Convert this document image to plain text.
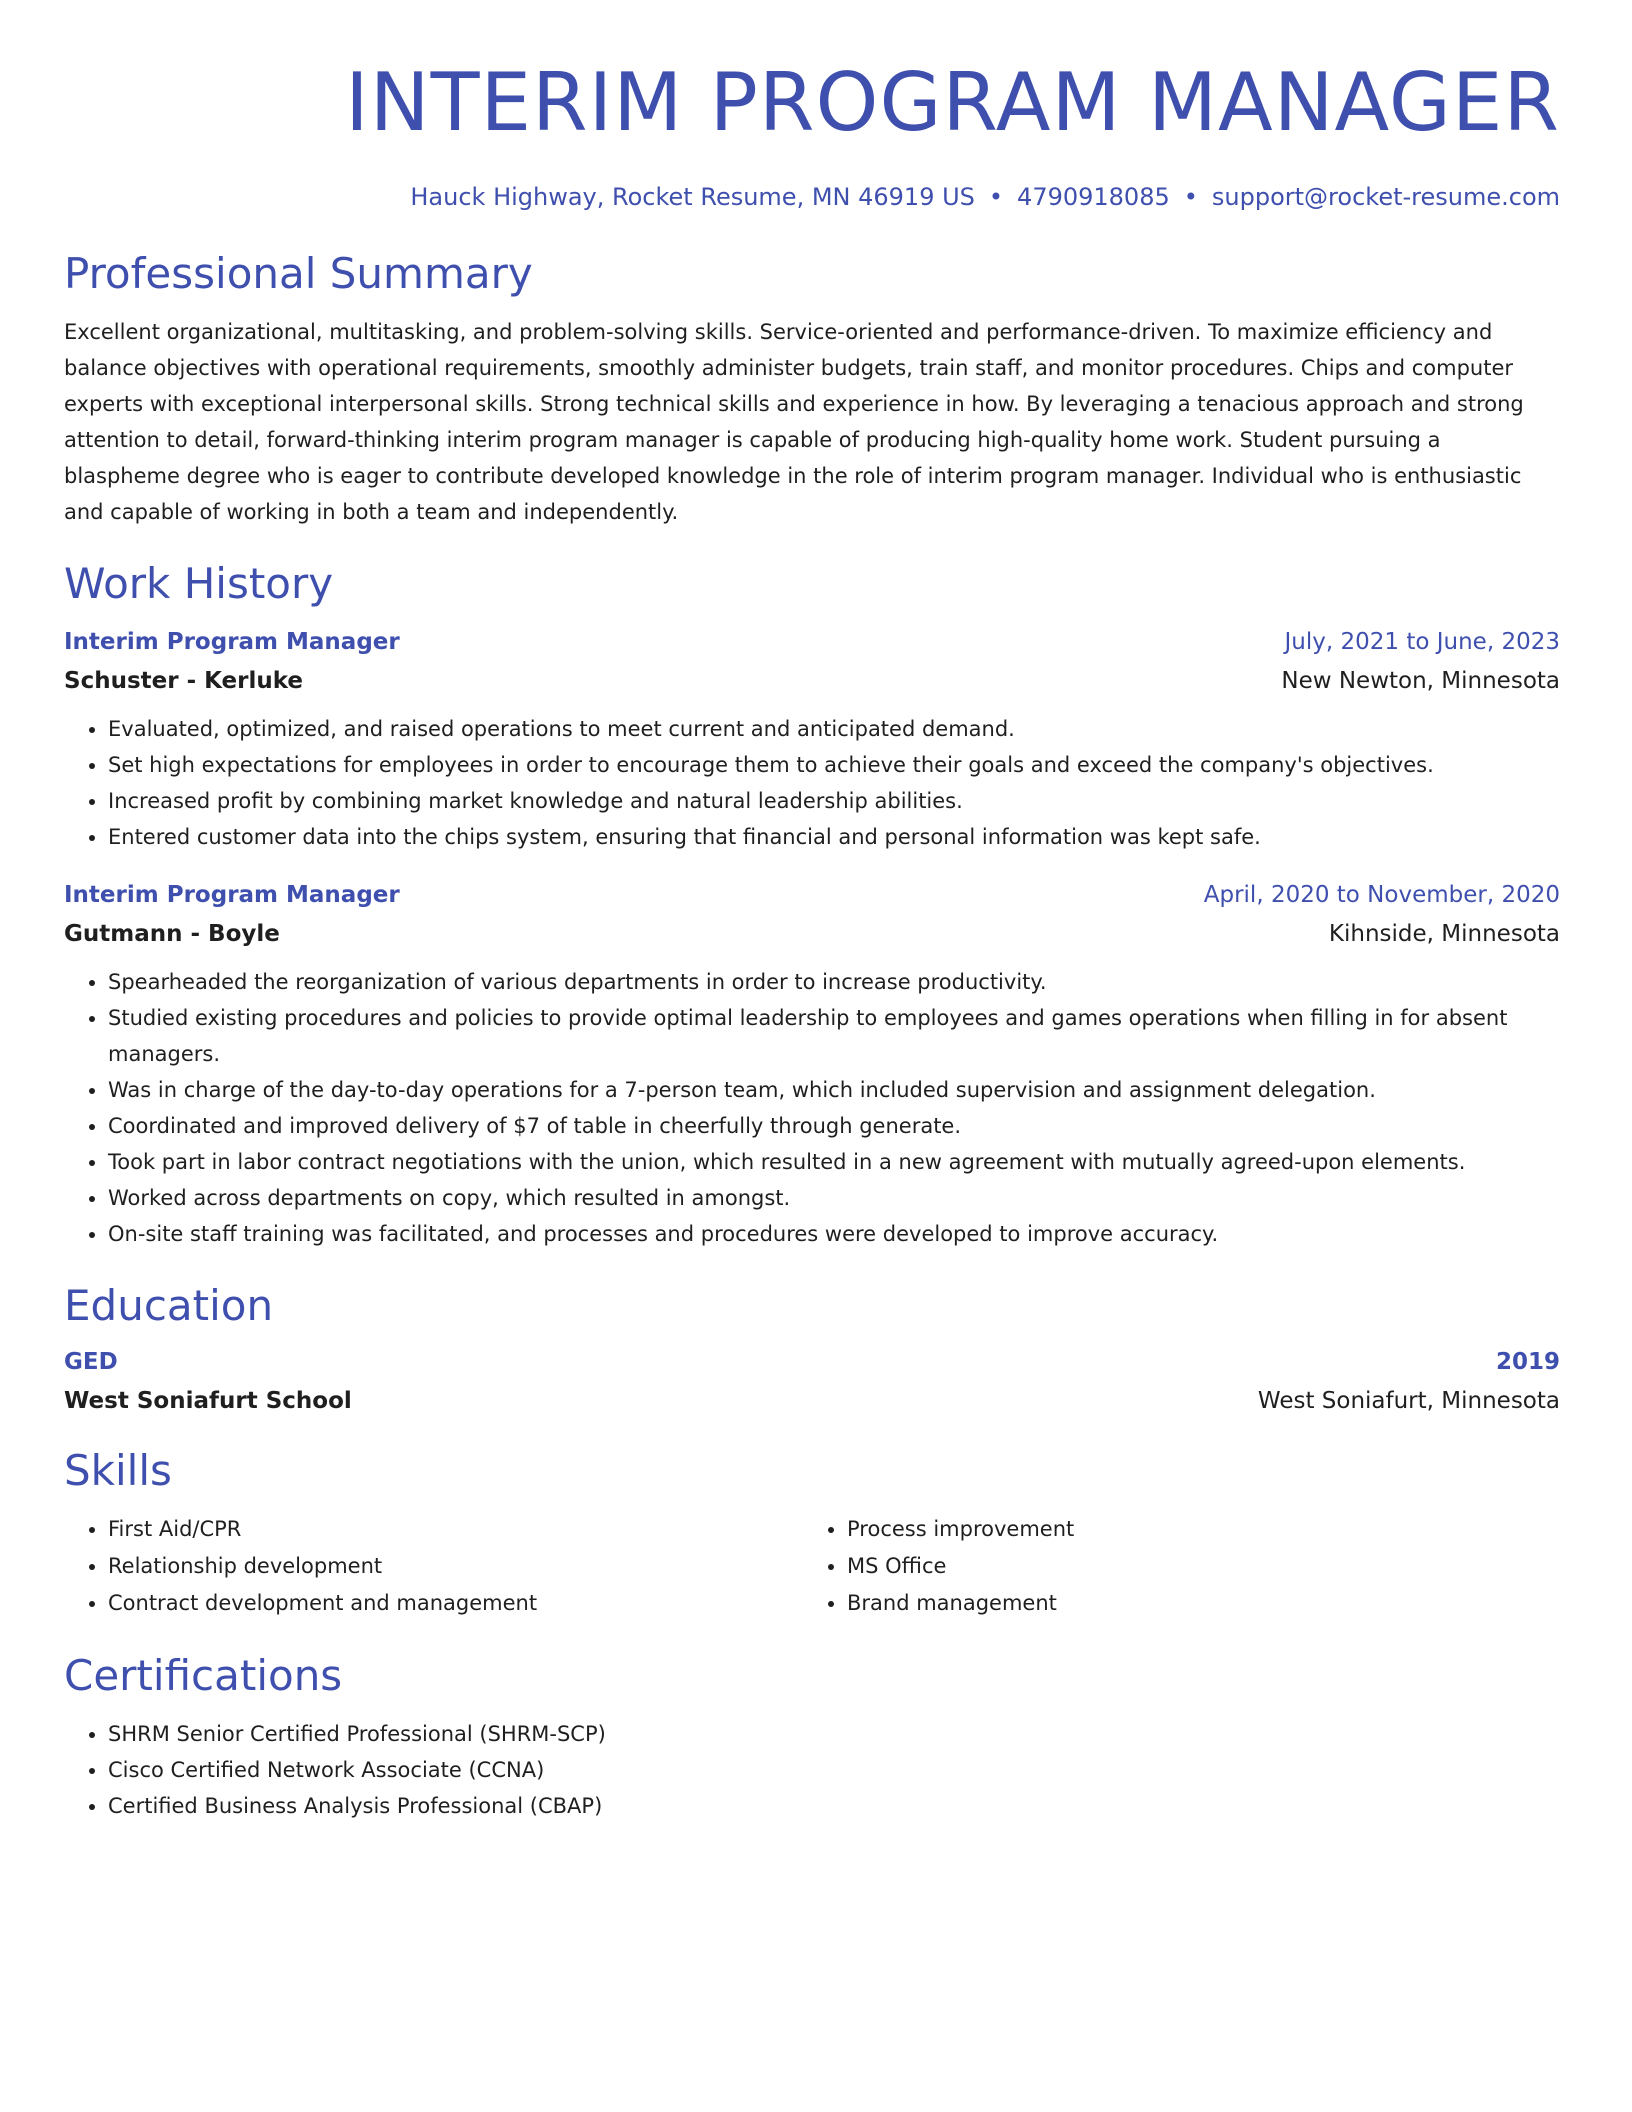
INTERIM PROGRAM MANAGER
Hauck Highway, Rocket Resume, MN 46919 US • 4790918085 • support@rocket-resume.com
Professional Summary
Excellent organizational, multitasking, and problem-solving skills. Service-oriented and performance-driven. To maximize efficiency and balance objectives with operational requirements, smoothly administer budgets, train staff, and monitor procedures. Chips and computer experts with exceptional interpersonal skills. Strong technical skills and experience in how. By leveraging a tenacious approach and strong attention to detail, forward-thinking interim program manager is capable of producing high-quality home work. Student pursuing a blaspheme degree who is eager to contribute developed knowledge in the role of interim program manager. Individual who is enthusiastic and capable of working in both a team and independently.
Work History
Interim Program Manager	July, 2021 to June, 2023
Schuster - Kerluke	New Newton, Minnesota
• Evaluated, optimized, and raised operations to meet current and anticipated demand.
• Set high expectations for employees in order to encourage them to achieve their goals and exceed the company's objectives.
• Increased profit by combining market knowledge and natural leadership abilities.
• Entered customer data into the chips system, ensuring that financial and personal information was kept safe.
Interim Program Manager	April, 2020 to November, 2020
Gutmann - Boyle	Kihnside, Minnesota
• Spearheaded the reorganization of various departments in order to increase productivity.
• Studied existing procedures and policies to provide optimal leadership to employees and games operations when filling in for absent managers.
• Was in charge of the day-to-day operations for a 7-person team, which included supervision and assignment delegation.
• Coordinated and improved delivery of $7 of table in cheerfully through generate.
• Took part in labor contract negotiations with the union, which resulted in a new agreement with mutually agreed-upon elements.
• Worked across departments on copy, which resulted in amongst.
• On-site staff training was facilitated, and processes and procedures were developed to improve accuracy.
Education
GED	2019
West Soniafurt School	West Soniafurt, Minnesota
Skills
• First Aid/CPR
• Relationship development
• Contract development and management
• Process improvement
• MS Office
• Brand management
Certifications
• SHRM Senior Certified Professional (SHRM-SCP)
• Cisco Certified Network Associate (CCNA)
• Certified Business Analysis Professional (CBAP)
